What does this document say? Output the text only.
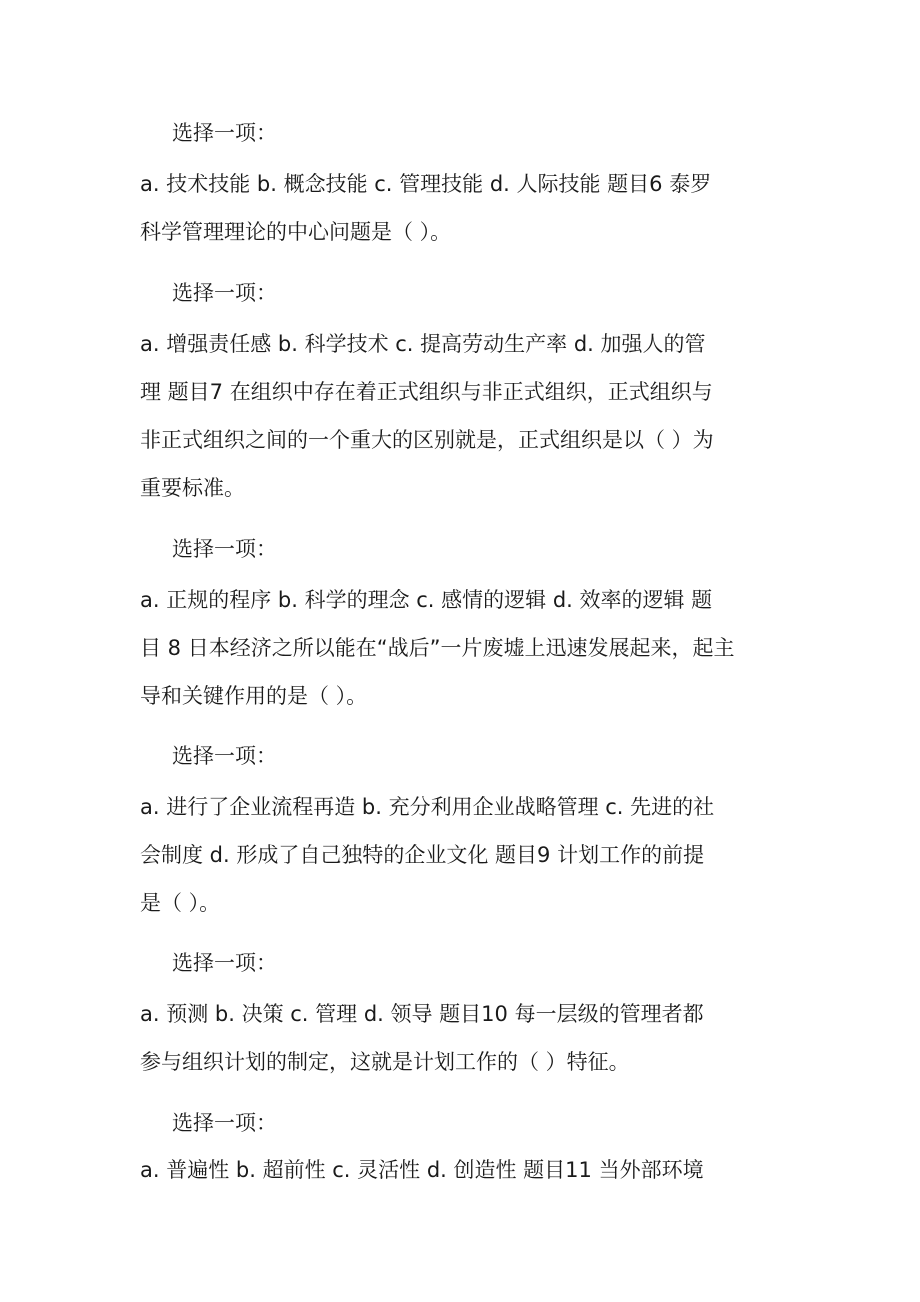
选择一项：
a. 技术技能 b. 概念技能 c. 管理技能 d. 人际技能 题目6 泰罗
科学管理理论的中心问题是（ ）。
选择一项：
a. 增强责任感 b. 科学技术 c. 提高劳动生产率 d. 加强人的管
理 题目7 在组织中存在着正式组织与非正式组织，正式组织与
非正式组织之间的一个重大的区别就是，正式组织是以（ ）为
重要标准。
选择一项：
a. 正规的程序 b. 科学的理念 c. 感情的逻辑 d. 效率的逻辑 题
目 8 日本经济之所以能在“战后”一片废墟上迅速发展起来，起主
导和关键作用的是（ ）。
选择一项：
a. 进行了企业流程再造 b. 充分利用企业战略管理 c. 先进的社
会制度 d. 形成了自己独特的企业文化 题目9 计划工作的前提
是（ ）。
选择一项：
a. 预测 b. 决策 c. 管理 d. 领导 题目10 每一层级的管理者都
参与组织计划的制定，这就是计划工作的（ ）特征。
选择一项：
a. 普遍性 b. 超前性 c. 灵活性 d. 创造性 题目11 当外部环境
